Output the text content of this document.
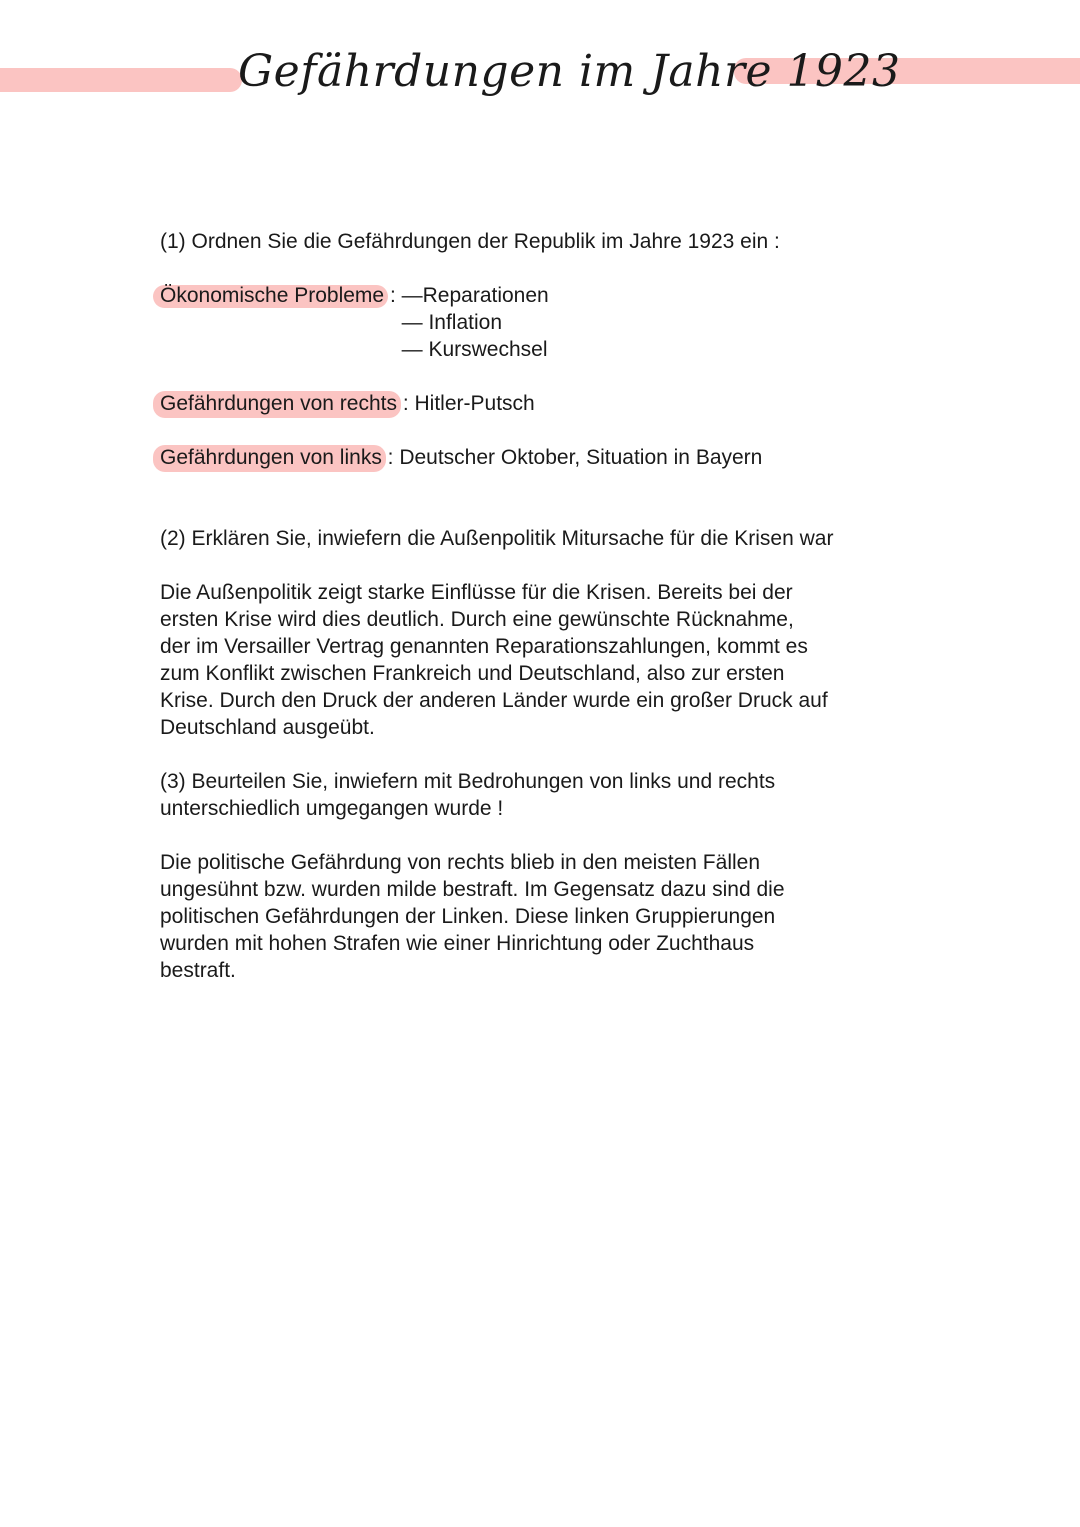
Gefährdungen im Jahre 1923

(1) Ordnen Sie die Gefährdungen der Republik im Jahre 1923 ein :

Ökonomische Probleme : —Reparationen
— Inflation
— Kurswechsel
Gefährdungen von rechts : Hitler-Putsch
Gefährdungen von links : Deutscher Oktober, Situation in Bayern

(2) Erklären Sie, inwiefern die Außenpolitik Mitursache für die Krisen war

Die Außenpolitik zeigt starke Einflüsse für die Krisen. Bereits bei der
ersten Krise wird dies deutlich. Durch eine gewünschte Rücknahme,
der im Versailler Vertrag genannten Reparationszahlungen, kommt es
zum Konflikt zwischen Frankreich und Deutschland, also zur ersten
Krise. Durch den Druck der anderen Länder wurde ein großer Druck auf
Deutschland ausgeübt.
(3) Beurteilen Sie, inwiefern mit Bedrohungen von links und rechts
unterschiedlich umgegangen wurde !
Die politische Gefährdung von rechts blieb in den meisten Fällen
ungesühnt bzw. wurden milde bestraft. Im Gegensatz dazu sind die
politischen Gefährdungen der Linken. Diese linken Gruppierungen
wurden mit hohen Strafen wie einer Hinrichtung oder Zuchthaus
bestraft.
